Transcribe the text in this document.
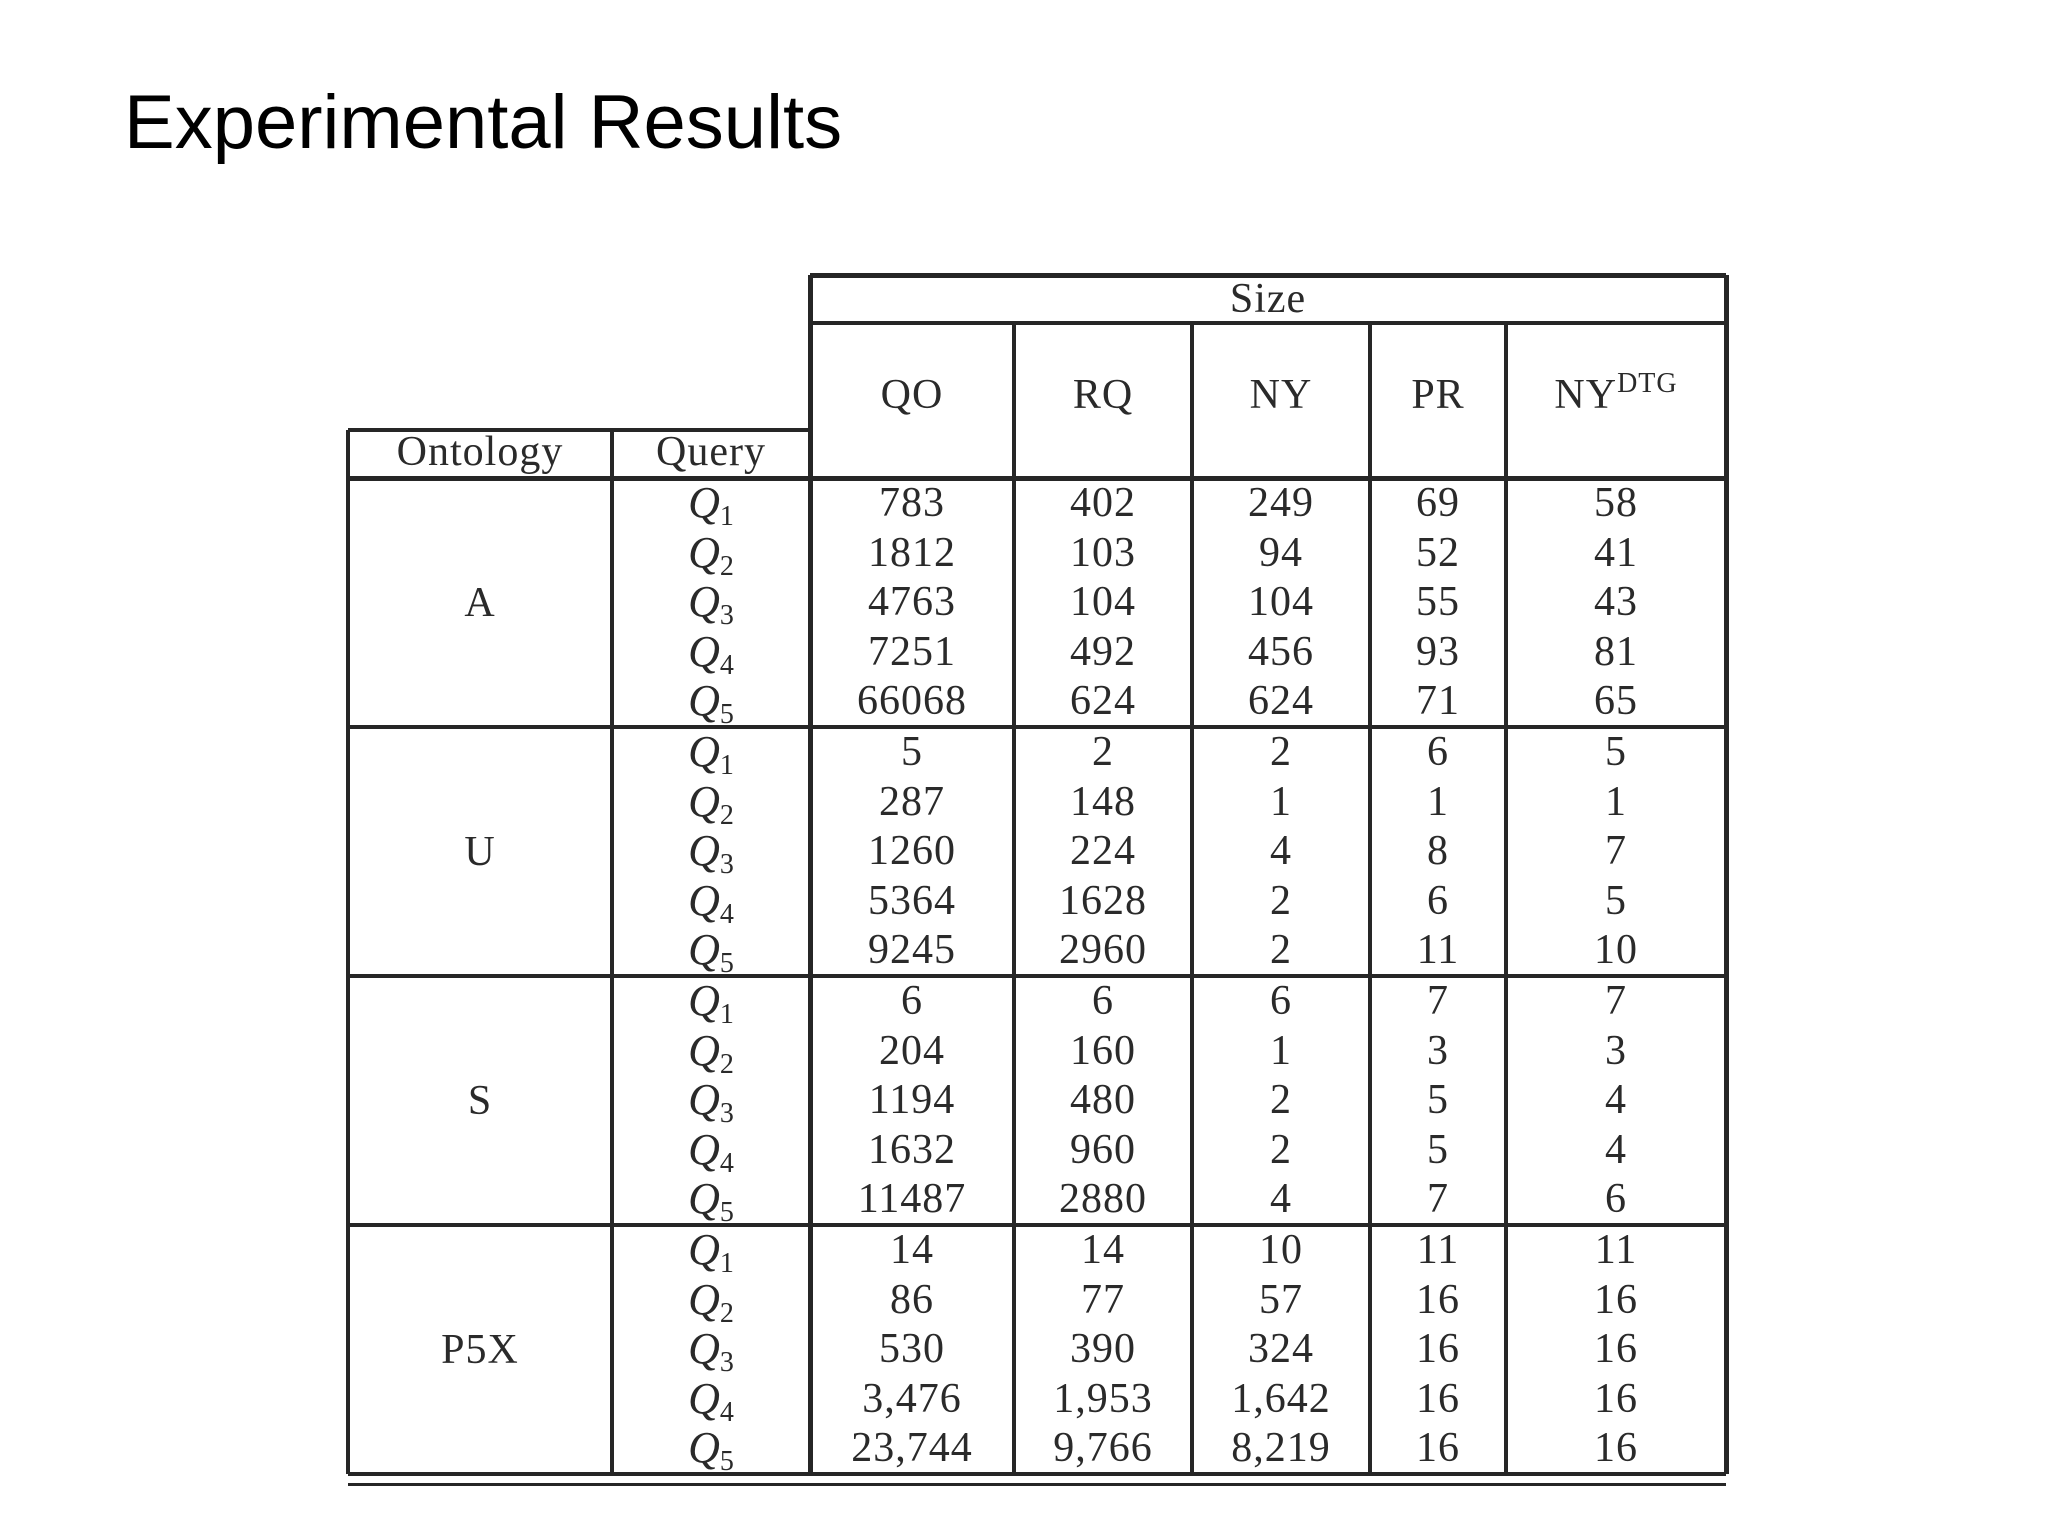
Experimental Results
Size
QO	RQ	NY	PR	$NY^{DTG}$
Ontology	Query
A
$Q_1$	783	402	249	69	58
$Q_2$	1812	103	94	52	41
$Q_3$	4763	104	104	55	43
$Q_4$	7251	492	456	93	81
$Q_5$	66068	624	624	71	65
U
$Q_1$	5	2	2	6	5
$Q_2$	287	148	1	1	1
$Q_3$	1260	224	4	8	7
$Q_4$	5364	1628	2	6	5
$Q_5$	9245	2960	2	11	10
S
$Q_1$	6	6	6	7	7
$Q_2$	204	160	1	3	3
$Q_3$	1194	480	2	5	4
$Q_4$	1632	960	2	5	4
$Q_5$	11487	2880	4	7	6
P5X
$Q_1$	14	14	10	11	11
$Q_2$	86	77	57	16	16
$Q_3$	530	390	324	16	16
$Q_4$	3,476	1,953	1,642	16	16
$Q_5$	23,744	9,766	8,219	16	16
